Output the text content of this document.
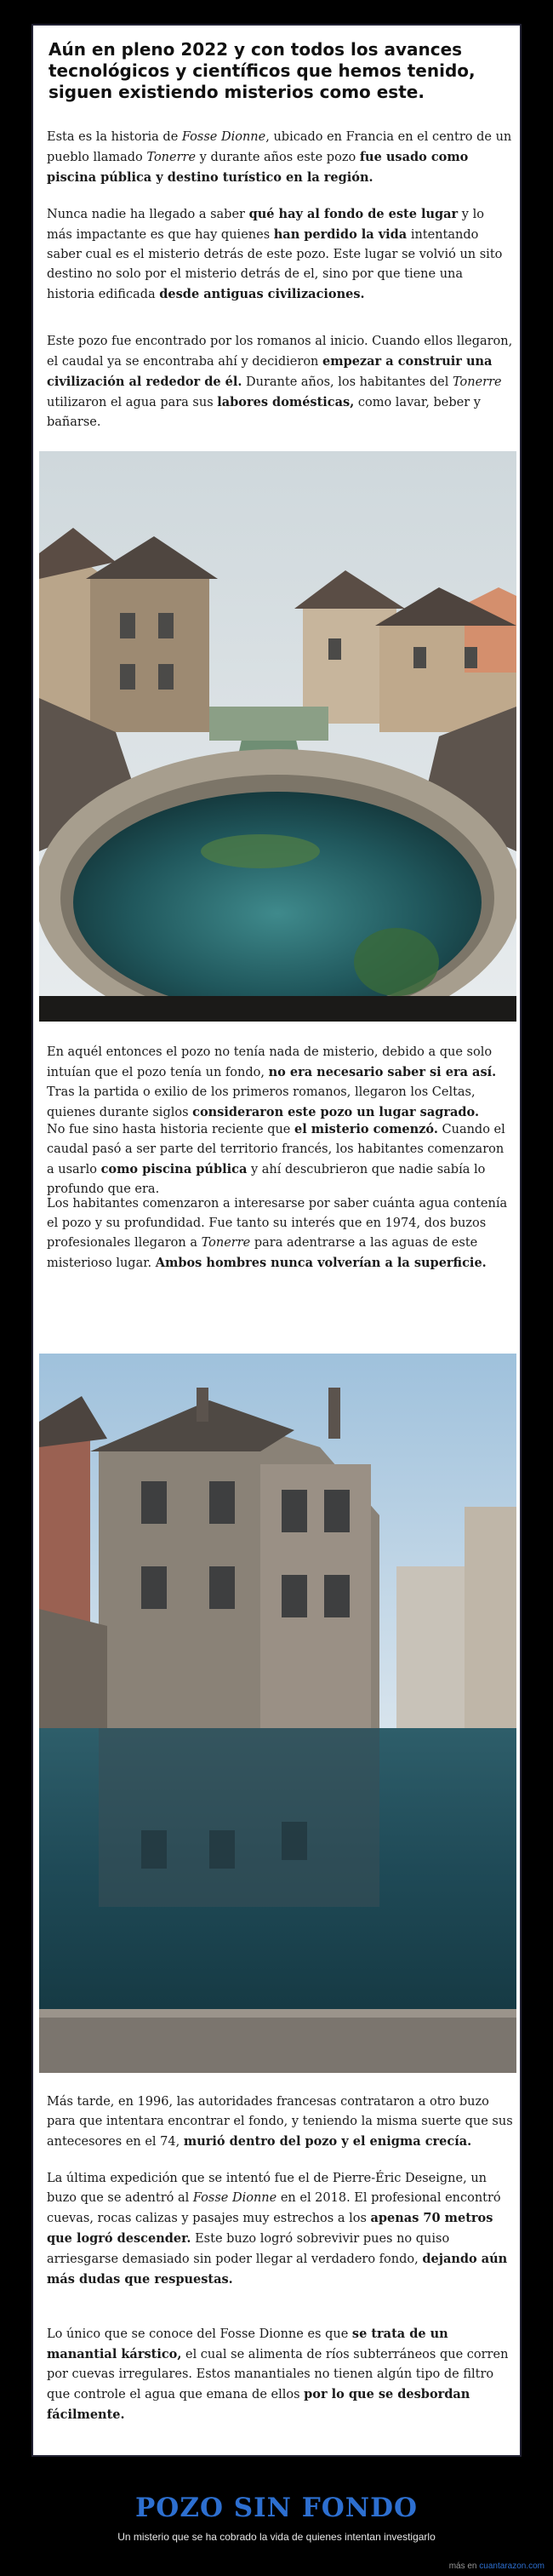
Aún en pleno 2022 y con todos los avances tecnológicos y científicos que hemos tenido, siguen existiendo misterios como este.

Esta es la historia de Fosse Dionne, ubicado en Francia en el centro de un pueblo llamado Tonerre y durante años este pozo fue usado como piscina pública y destino turístico en la región.

Nunca nadie ha llegado a saber qué hay al fondo de este lugar y lo más impactante es que hay quienes han perdido la vida intentando saber cual es el misterio detrás de este pozo. Este lugar se volvió un sito destino no solo por el misterio detrás de el, sino por que tiene una historia edificada desde antiguas civilizaciones.

Este pozo fue encontrado por los romanos al inicio. Cuando ellos llegaron, el caudal ya se encontraba ahí y decidieron empezar a construir una civilización al rededor de él. Durante años, los habitantes del Tonerre utilizaron el agua para sus labores domésticas, como lavar, beber y bañarse.

En aquél entonces el pozo no tenía nada de misterio, debido a que solo intuían que el pozo tenía un fondo, no era necesario saber si era así. Tras la partida o exilio de los primeros romanos, llegaron los Celtas, quienes durante siglos consideraron este pozo un lugar sagrado.

No fue sino hasta historia reciente que el misterio comenzó. Cuando el caudal pasó a ser parte del territorio francés, los habitantes comenzaron a usarlo como piscina pública y ahí descubrieron que nadie sabía lo profundo que era.

Los habitantes comenzaron a interesarse por saber cuánta agua contenía el pozo y su profundidad. Fue tanto su interés que en 1974, dos buzos profesionales llegaron a Tonerre para adentrarse a las aguas de este misterioso lugar. Ambos hombres nunca volverían a la superficie.

Más tarde, en 1996, las autoridades francesas contrataron a otro buzo para que intentara encontrar el fondo, y teniendo la misma suerte que sus antecesores en el 74, murió dentro del pozo y el enigma crecía.

La última expedición que se intentó fue el de Pierre-Éric Deseigne, un buzo que se adentró al Fosse Dionne en el 2018. El profesional encontró cuevas, rocas calizas y pasajes muy estrechos a los apenas 70 metros que logró descender. Este buzo logró sobrevivir pues no quiso arriesgarse demasiado sin poder llegar al verdadero fondo, dejando aún más dudas que respuestas.

Lo único que se conoce del Fosse Dionne es que se trata de un manantial kárstico, el cual se alimenta de ríos subterráneos que corren por cuevas irregulares. Estos manantiales no tienen algún tipo de filtro que controle el agua que emana de ellos por lo que se desbordan fácilmente.

POZO SIN FONDO
Un misterio que se ha cobrado la vida de quienes intentan investigarlo
más en cuantarazon.com
